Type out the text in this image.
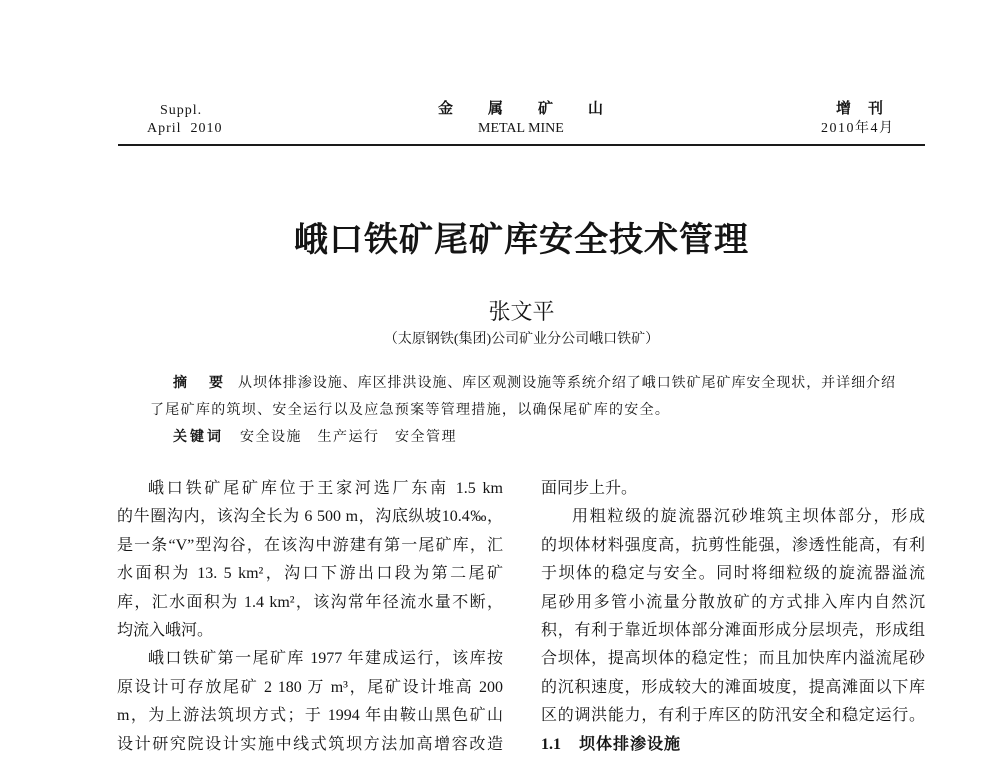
Suppl.
April  2010
金　属　矿　山
METAL MINE
增　刊
2010年4月
峨口铁矿尾矿库安全技术管理
张文平
（太原钢铁(集团)公司矿业分公司峨口铁矿）
摘　要 从坝体排渗设施、库区排洪设施、库区观测设施等系统介绍了峨口铁矿尾矿库安全现状，并详细介绍
了尾矿库的筑坝、安全运行以及应急预案等管理措施，以确保尾矿库的安全。
关键词 安全设施　生产运行　安全管理
峨口铁矿尾矿库位于王家河选厂东南 1.5 km
的牛圈沟内，该沟全长为 6 500 m，沟底纵坡10.4‰，
是一条“V”型沟谷，在该沟中游建有第一尾矿库，汇
水面积为 13. 5 km²，沟口下游出口段为第二尾矿
库，汇水面积为 1.4 km²，该沟常年径流水量不断，
均流入峨河。
峨口铁矿第一尾矿库 1977 年建成运行，该库按
原设计可存放尾矿 2 180 万 m³，尾矿设计堆高 200
m，为上游法筑坝方式；于 1994 年由鞍山黑色矿山
设计研究院设计实施中线式筑坝方法加高增容改造
面同步上升。
用粗粒级的旋流器沉砂堆筑主坝体部分，形成
的坝体材料强度高，抗剪性能强，渗透性能高，有利
于坝体的稳定与安全。同时将细粒级的旋流器溢流
尾砂用多管小流量分散放矿的方式排入库内自然沉
积，有利于靠近坝体部分滩面形成分层坝壳，形成组
合坝体，提高坝体的稳定性；而且加快库内溢流尾砂
的沉积速度，形成较大的滩面坡度，提高滩面以下库
区的调洪能力，有利于库区的防汛安全和稳定运行。
1.1 坝体排渗设施
